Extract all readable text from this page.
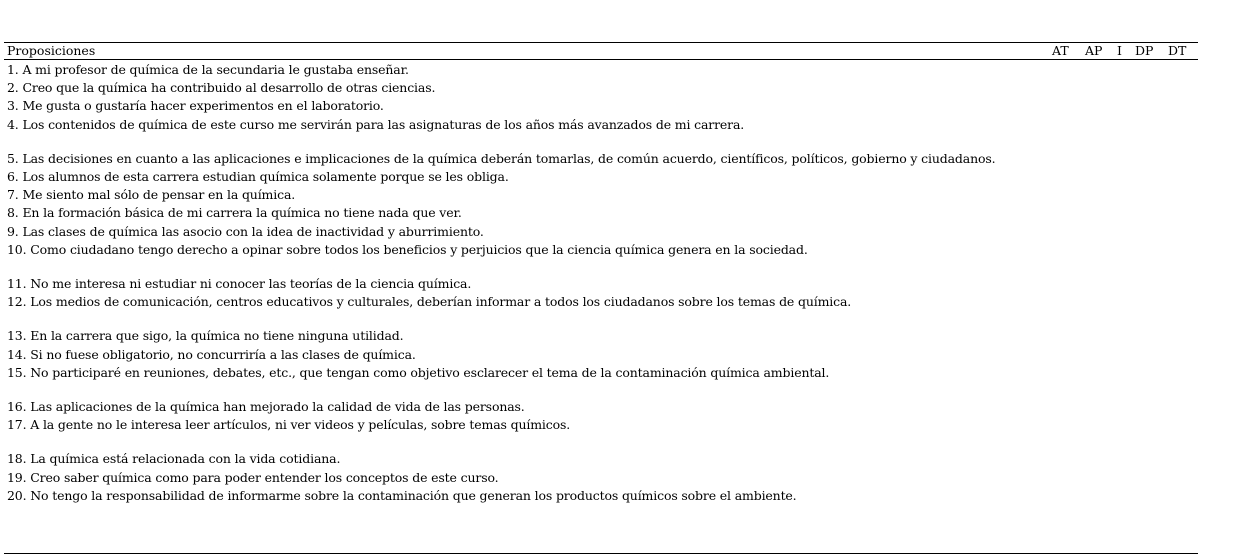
Proposiciones	AT AP I DP DT
1. A mi profesor de química de la secundaria le gustaba enseñar.
2. Creo que la química ha contribuido al desarrollo de otras ciencias.
3. Me gusta o gustaría hacer experimentos en el laboratorio.
4. Los contenidos de química de este curso me servirán para las asignaturas de los años más avanzados de mi carrera.
5. Las decisiones en cuanto a las aplicaciones e implicaciones de la química deberán tomarlas, de común acuerdo, científicos, políticos, gobierno y ciudadanos.
6. Los alumnos de esta carrera estudian química solamente porque se les obliga.
7. Me siento mal sólo de pensar en la química.
8. En la formación básica de mi carrera la química no tiene nada que ver.
9. Las clases de química las asocio con la idea de inactividad y aburrimiento.
10. Como ciudadano tengo derecho a opinar sobre todos los beneficios y perjuicios que la ciencia química genera en la sociedad.
11. No me interesa ni estudiar ni conocer las teorías de la ciencia química.
12. Los medios de comunicación, centros educativos y culturales, deberían informar a todos los ciudadanos sobre los temas de química.
13. En la carrera que sigo, la química no tiene ninguna utilidad.
14. Si no fuese obligatorio, no concurriría a las clases de química.
15. No participaré en reuniones, debates, etc., que tengan como objetivo esclarecer el tema de la contaminación química ambiental.
16. Las aplicaciones de la química han mejorado la calidad de vida de las personas.
17. A la gente no le interesa leer artículos, ni ver videos y películas, sobre temas químicos.
18. La química está relacionada con la vida cotidiana.
19. Creo saber química como para poder entender los conceptos de este curso.
20. No tengo la responsabilidad de informarme sobre la contaminación que generan los productos químicos sobre el ambiente.
